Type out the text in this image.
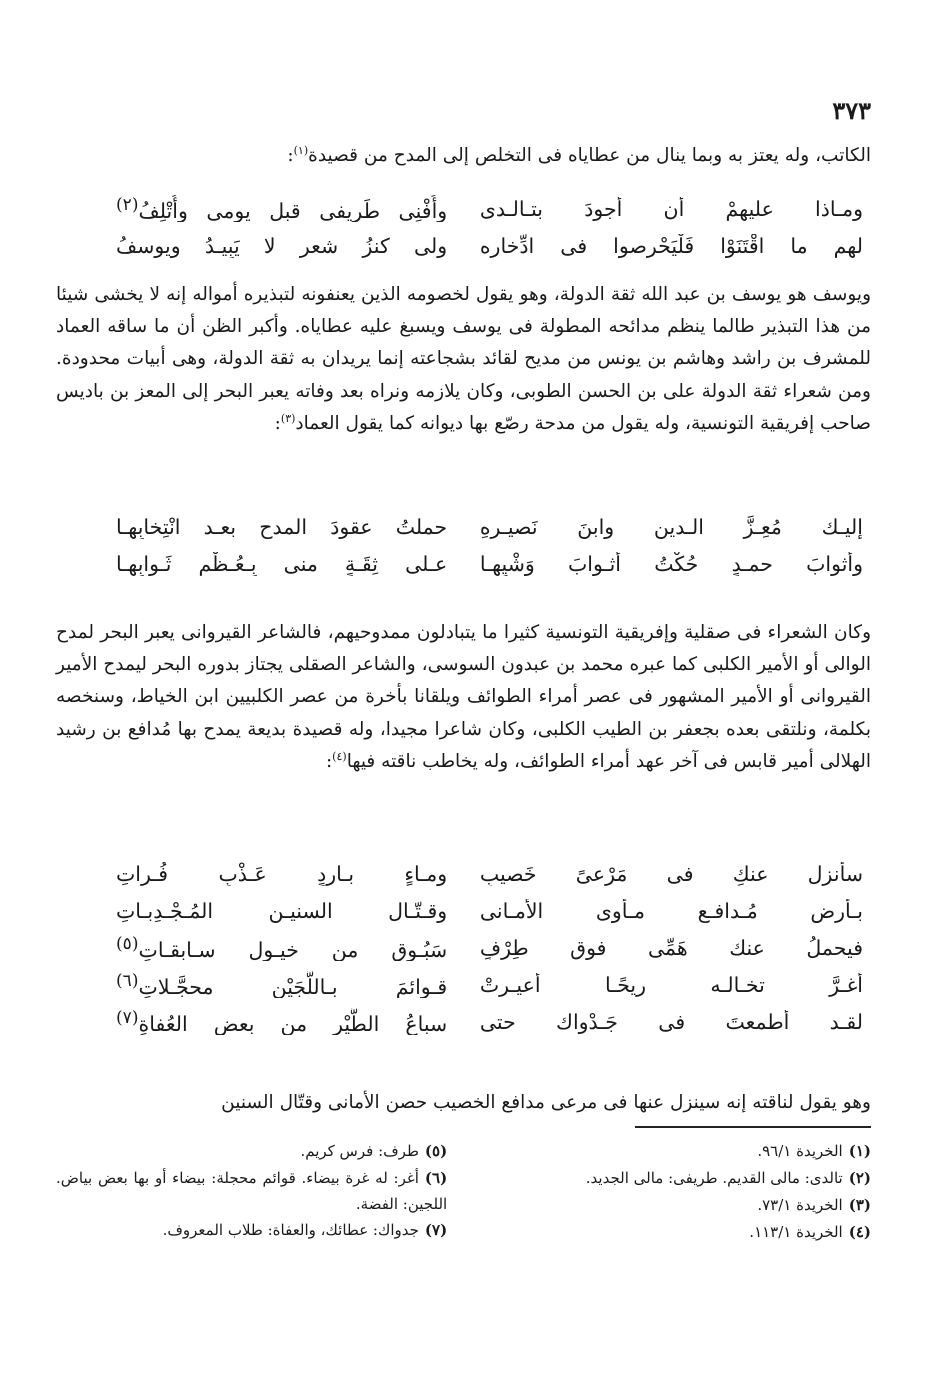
٣٧٣

الكاتب، وله يعتز به وبما ينال من عطاياه فى التخلص إلى المدح من قصيدة$^{(١)}$:

ومـاذا عليهمْ أن أجودَ بتـالـدى
وأُفْنِى طَرِيفى قبل يومى وأُتْلِفُ$^{(٢)}$
لهم ما اقْتَنَوْا فَلْيَحْرِصوا فى ادِّخارِه
ولى كنزُ شعرٍ لا يَبِيـدُ ويوسفُ

ويوسف هو يوسف بن عبد الله ثقة الدولة، وهو يقول لخصومه الذين يعنفونه لتبذيره أمواله إنه لا يخشى شيئا من هذا التبذير طالما ينظم مدائحه المطولة فى يوسف ويسبغ عليه عطاياه. وأكبر الظن أن ما ساقه العماد للمشرف بن راشد وهاشم بن يونس من مديح لقائد بشجاعته إنما يريدان به ثقة الدولة، وهى أبيات محدودة. ومن شعراء ثقة الدولة على بن الحسن الطوبى، وكان يلازمه ونراه بعد وفاته يعبر البحر إلى المعز بن باديس صاحب إفريقية التونسية، وله يقول من مدحة رصّع بها ديوانه كما يقول العماد$^{(٣)}$:

إليـك مُعِـزَّ الـدينِ وابنَ نَصيـرِهِ
حملتُ عقودَ المدحِ بعـد انْتِخابِهـا
وأثوابَ حمـدٍ حُكْتُ أثـوابَ وَشْيِهـا
عـلى ثِقَـةٍ منى بِـعُـظْمِ ثَـوابِهـا

وكان الشعراء فى صقلية وإفريقية التونسية كثيرا ما يتبادلون ممدوحيهم، فالشاعر القيروانى يعبر البحر لمدح الوالى أو الأمير الكلبى كما عبره محمد بن عبدون السوسى، والشاعر الصقلى يجتاز بدوره البحر ليمدح الأمير القيروانى أو الأمير المشهور فى عصر أمراء الطوائف ويلقانا بأخرة من عصر الكلبيين ابن الخياط، وسنخصه بكلمة، ونلتقى بعده بجعفر بن الطيب الكلبى، وكان شاعرا مجيدا، وله قصيدة بديعة يمدح بها مُدافع بن رشيد الهلالى أمير قابس فى آخر عهد أمراء الطوائف، وله يخاطب ناقته فيها$^{(٤)}$:

سأنزل عنكِ فى مَرْعىً خَصيبِ
ومـاءٍ بـاردٍ عَـذْبٍ فُـراتِ
بـأرض مُـدافـعٍ مـأوى الأمـانى
وقـتّـالِ السنيـن المُـجْـدِبـاتِ
فيحملُ عنك هَمِّى فوق طِرْفٍ
سَبُـوقٍ من خيـول سـابقـاتِ$^{(٥)}$
أغـرَّ تخـالـه ريحًـا أُعيـرتْ
قـوائمَ بـاللُّجَيْن محجَّـلاتِ$^{(٦)}$
لقـد أطمعتَ فى جَـدْواك حتى
سباعُ الطَّيْر من بعض العُفاةِ$^{(٧)}$

وهو يقول لناقته إنه سينزل عنها فى مرعى مدافع الخصيب حصن الأمانى وقتّال السنين

(١)الخريدة ٩٦/١.

(٢)تالدى: مالى القديم. طريفى: مالى الجديد.

(٣)الخريدة ٧٣/١.

(٤)الخريدة ١١٣/١.

(٥)طرف: فرس كريم.

(٦)أغر: له غرة بيضاء. قوائم محجلة: بيضاء أو بها بعض بياض. اللجين: الفضة.

(٧)جدواك: عطائك، والعفاة: طلاب المعروف.
